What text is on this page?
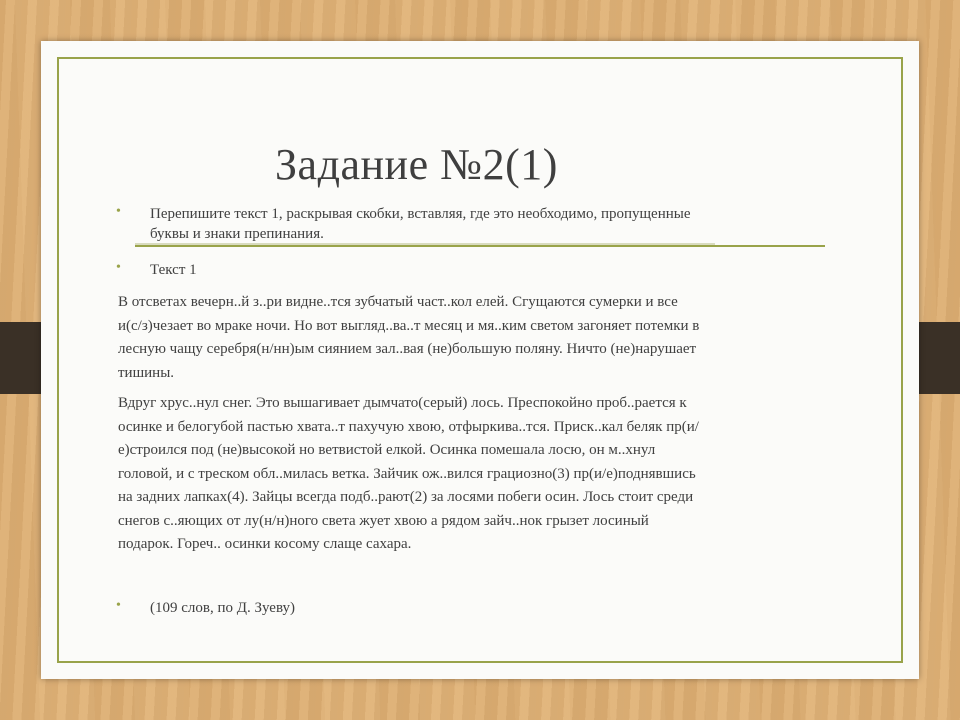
Задание №2(1)
• Перепишите текст 1, раскрывая скобки, вставляя, где это необходимо, пропущенные
буквы и знаки препинания.
• Текст 1
В отсветах вечерн..й з..ри видне..тся зубчатый част..кол елей. Сгущаются сумерки и все
и(с/з)чезает во мраке ночи. Но вот выгляд..ва..т месяц и мя..ким светом загоняет потемки в
лесную чащу серебря(н/нн)ым сиянием зал..вая (не)большую поляну. Ничто (не)нарушает
тишины.
Вдруг хрус..нул снег. Это вышагивает дымчато(серый) лось. Преспокойно проб..рается к
осинке и белогубой пастью хвата..т пахучую хвою, отфыркива..тся. Приск..кал беляк пр(и/
е)строился под (не)высокой но ветвистой елкой. Осинка помешала лосю, он м..хнул
головой, и с треском обл..милась ветка. Зайчик ож..вился грациозно(3) пр(и/е)поднявшись
на задних лапках(4). Зайцы всегда подб..рают(2) за лосями побеги осин. Лось стоит среди
снегов с..яющих от лу(н/н)ного света жует хвою а рядом зайч..нок грызет лосиный
подарок. Гореч.. осинки косому слаще сахара.
• (109 слов, по Д. Зуеву)
